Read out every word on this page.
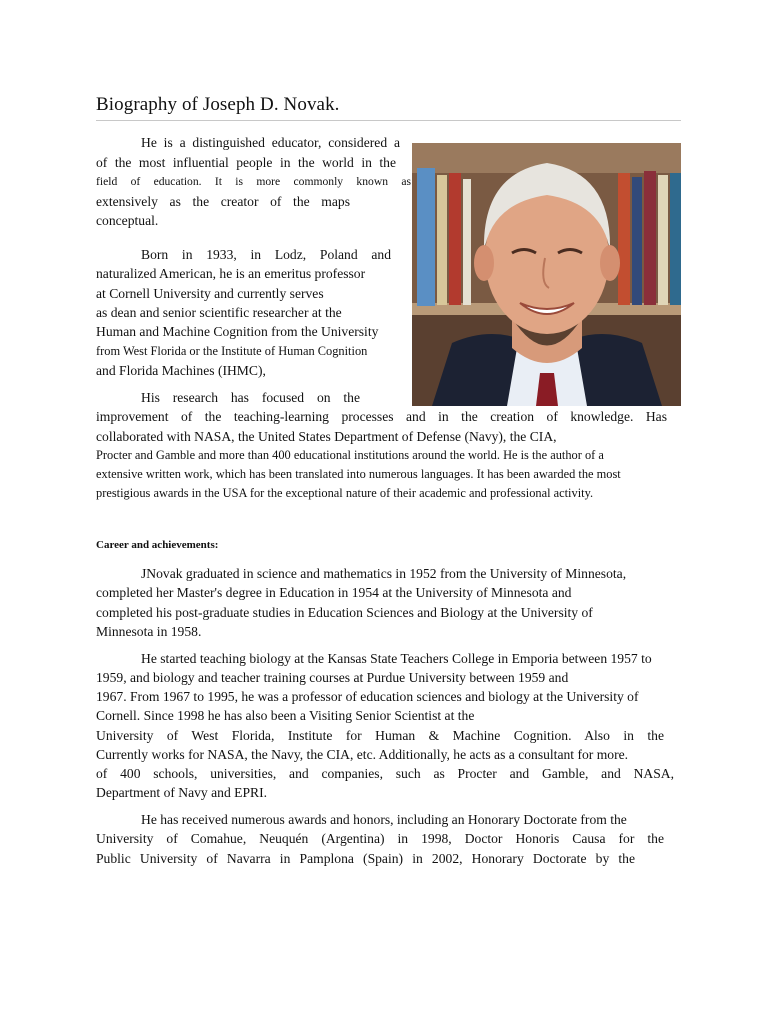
Biography of Joseph D. Novak.
He is a distinguished educator, considered a
of the most influential people in the world in the
field of education. It is more commonly known as
extensively as the creator of the maps
conceptual.
Born in 1933, in Lodz, Poland and
naturalized American, he is an emeritus professor
at Cornell University and currently serves
as dean and senior scientific researcher at the
Human and Machine Cognition from the University
from West Florida or the Institute of Human Cognition
and Florida Machines (IHMC),
His research has focused on the
improvement of the teaching-learning processes and in the creation of knowledge. Has
collaborated with NASA, the United States Department of Defense (Navy), the CIA,
Procter and Gamble and more than 400 educational institutions around the world. He is the author of a
extensive written work, which has been translated into numerous languages. It has been awarded the most
prestigious awards in the USA for the exceptional nature of their academic and professional activity.
Career and achievements:
JNovak graduated in science and mathematics in 1952 from the University of Minnesota,
completed her Master's degree in Education in 1954 at the University of Minnesota and
completed his post-graduate studies in Education Sciences and Biology at the University of
Minnesota in 1958.
He started teaching biology at the Kansas State Teachers College in Emporia between 1957 to
1959, and biology and teacher training courses at Purdue University between 1959 and
1967. From 1967 to 1995, he was a professor of education sciences and biology at the University of
Cornell. Since 1998 he has also been a Visiting Senior Scientist at the
University of West Florida, Institute for Human & Machine Cognition. Also in the
Currently works for NASA, the Navy, the CIA, etc. Additionally, he acts as a consultant for more.
of 400 schools, universities, and companies, such as Procter and Gamble, and NASA,
Department of Navy and EPRI.
He has received numerous awards and honors, including an Honorary Doctorate from the
University of Comahue, Neuquén (Argentina) in 1998, Doctor Honoris Causa for the
Public University of Navarra in Pamplona (Spain) in 2002, Honorary Doctorate by the
